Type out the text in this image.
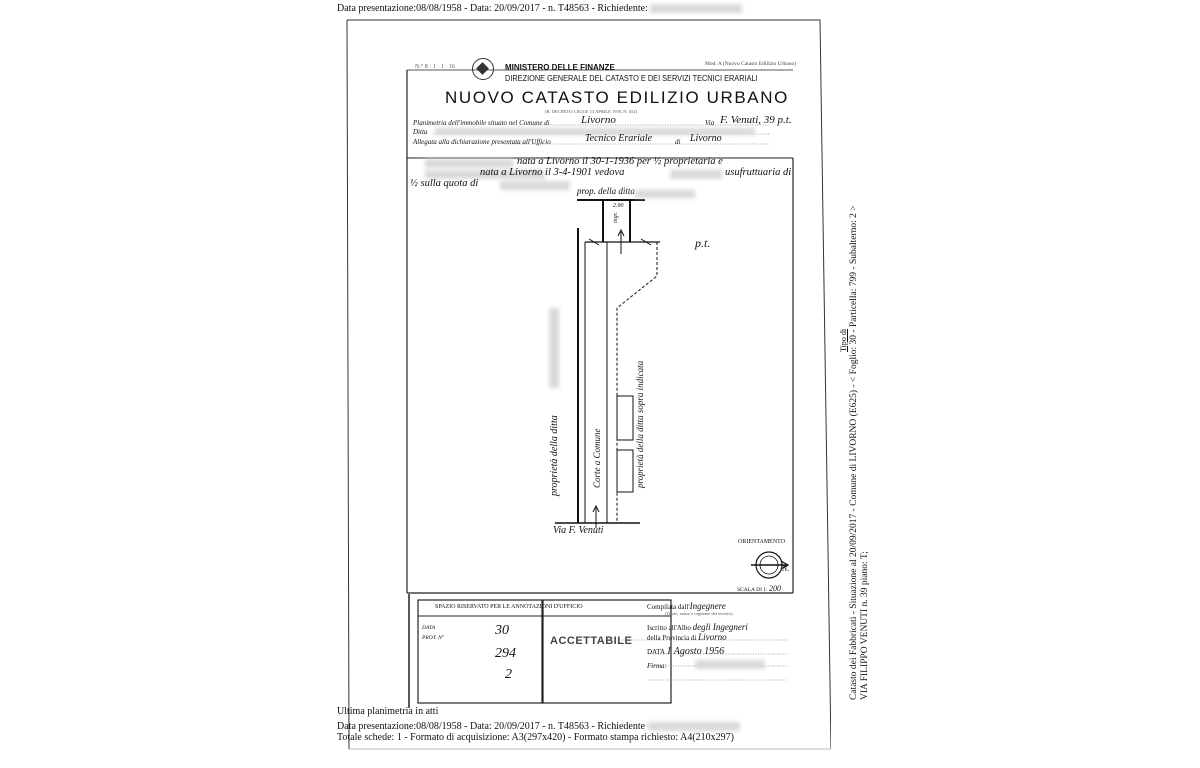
Data presentazione:08/08/1958 - Data: 20/09/2017 - n. T48563 - Richiedente:
N.° 8 · 1 · 1 · 16	MINISTERO DELLE FINANZE
DIREZIONE GENERALE DEL CATASTO E DEI SERVIZI TECNICI ERARIALI
Mod. A (Nuovo Catasto Edilizio Urbano)
NUOVO CATASTO EDILIZIO URBANO
(R. DECRETO-LEGGE 13 APRILE 1939, N. 652)
Planimetria dell'immobile situato nel Comune di	Livorno	Via F. Venuti, 39 p.t.
Ditta
Allegata alla dichiarazione presentata all'Ufficio	Tecnico Erariale	di Livorno
nata a Livorno il 30-1-1936 per ½ proprietaria e
nata a Livorno il 3-4-1901 vedova	usufruttuaria di
½ sulla quota di
prop. della ditta
2.90
ingr.
p.t.
Corte a Comune	proprietà della ditta sopra indicata
proprietà della ditta
Via F. Venuti
ORIENTAMENTO
N.
SCALA DI 1: 200
SPAZIO RISERVATO PER LE ANNOTAZIONI D'UFFICIO
DATA
PROT. N°	30
294
2
ACCETTABILE
Compilata dall'Ingegnere
(Titolo, nome e cognome del tecnico)
Iscritto all'Albo degli Ingegneri
della Provincia di Livorno
DATA 1 Agosto 1956
Firma:	Catasto dei Fabbricati - Situazione al 20/09/2017 - Comune di LIVORNO (E625) - < Foglio: 30 - Particella: 799 - Subalterno: 2 > VIA FILIPPO VENUTI n. 39 piano: T;
Tipo di
Ultima planimetria in atti
Data presentazione:08/08/1958 - Data: 20/09/2017 - n. T48563 - Richiedente
Totale schede: 1 - Formato di acquisizione: A3(297x420) - Formato stampa richiesto: A4(210x297)
